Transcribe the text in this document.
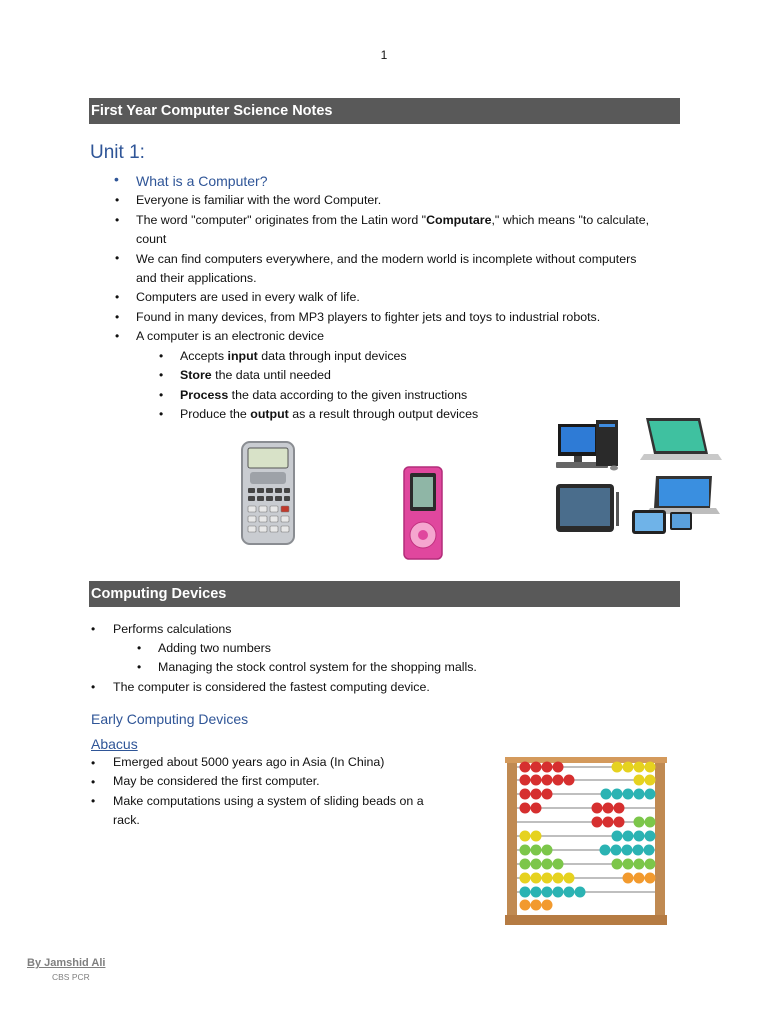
1
First Year Computer Science Notes
Unit 1:
• What is a Computer?
• Everyone is familiar with the word Computer.
• The word "computer" originates from the Latin word "Computare," which means "to calculate,
count
• We can find computers everywhere, and the modern world is incomplete without computers
and their applications.
• Computers are used in every walk of life.
• Found in many devices, from MP3 players to fighter jets and toys to industrial robots.
• A computer is an electronic device
• Accepts input data through input devices
• Store the data until needed
• Process the data according to the given instructions
• Produce the output as a result through output devices
Computing Devices
• Performs calculations
• Adding two numbers
• Managing the stock control system for the shopping malls.
• The computer is considered the fastest computing device.
Early Computing Devices
Abacus
• Emerged about 5000 years ago in Asia (In China)
• May be considered the first computer.
• Make computations using a system of sliding beads on a
rack.
By Jamshid Ali
CBS PCR
